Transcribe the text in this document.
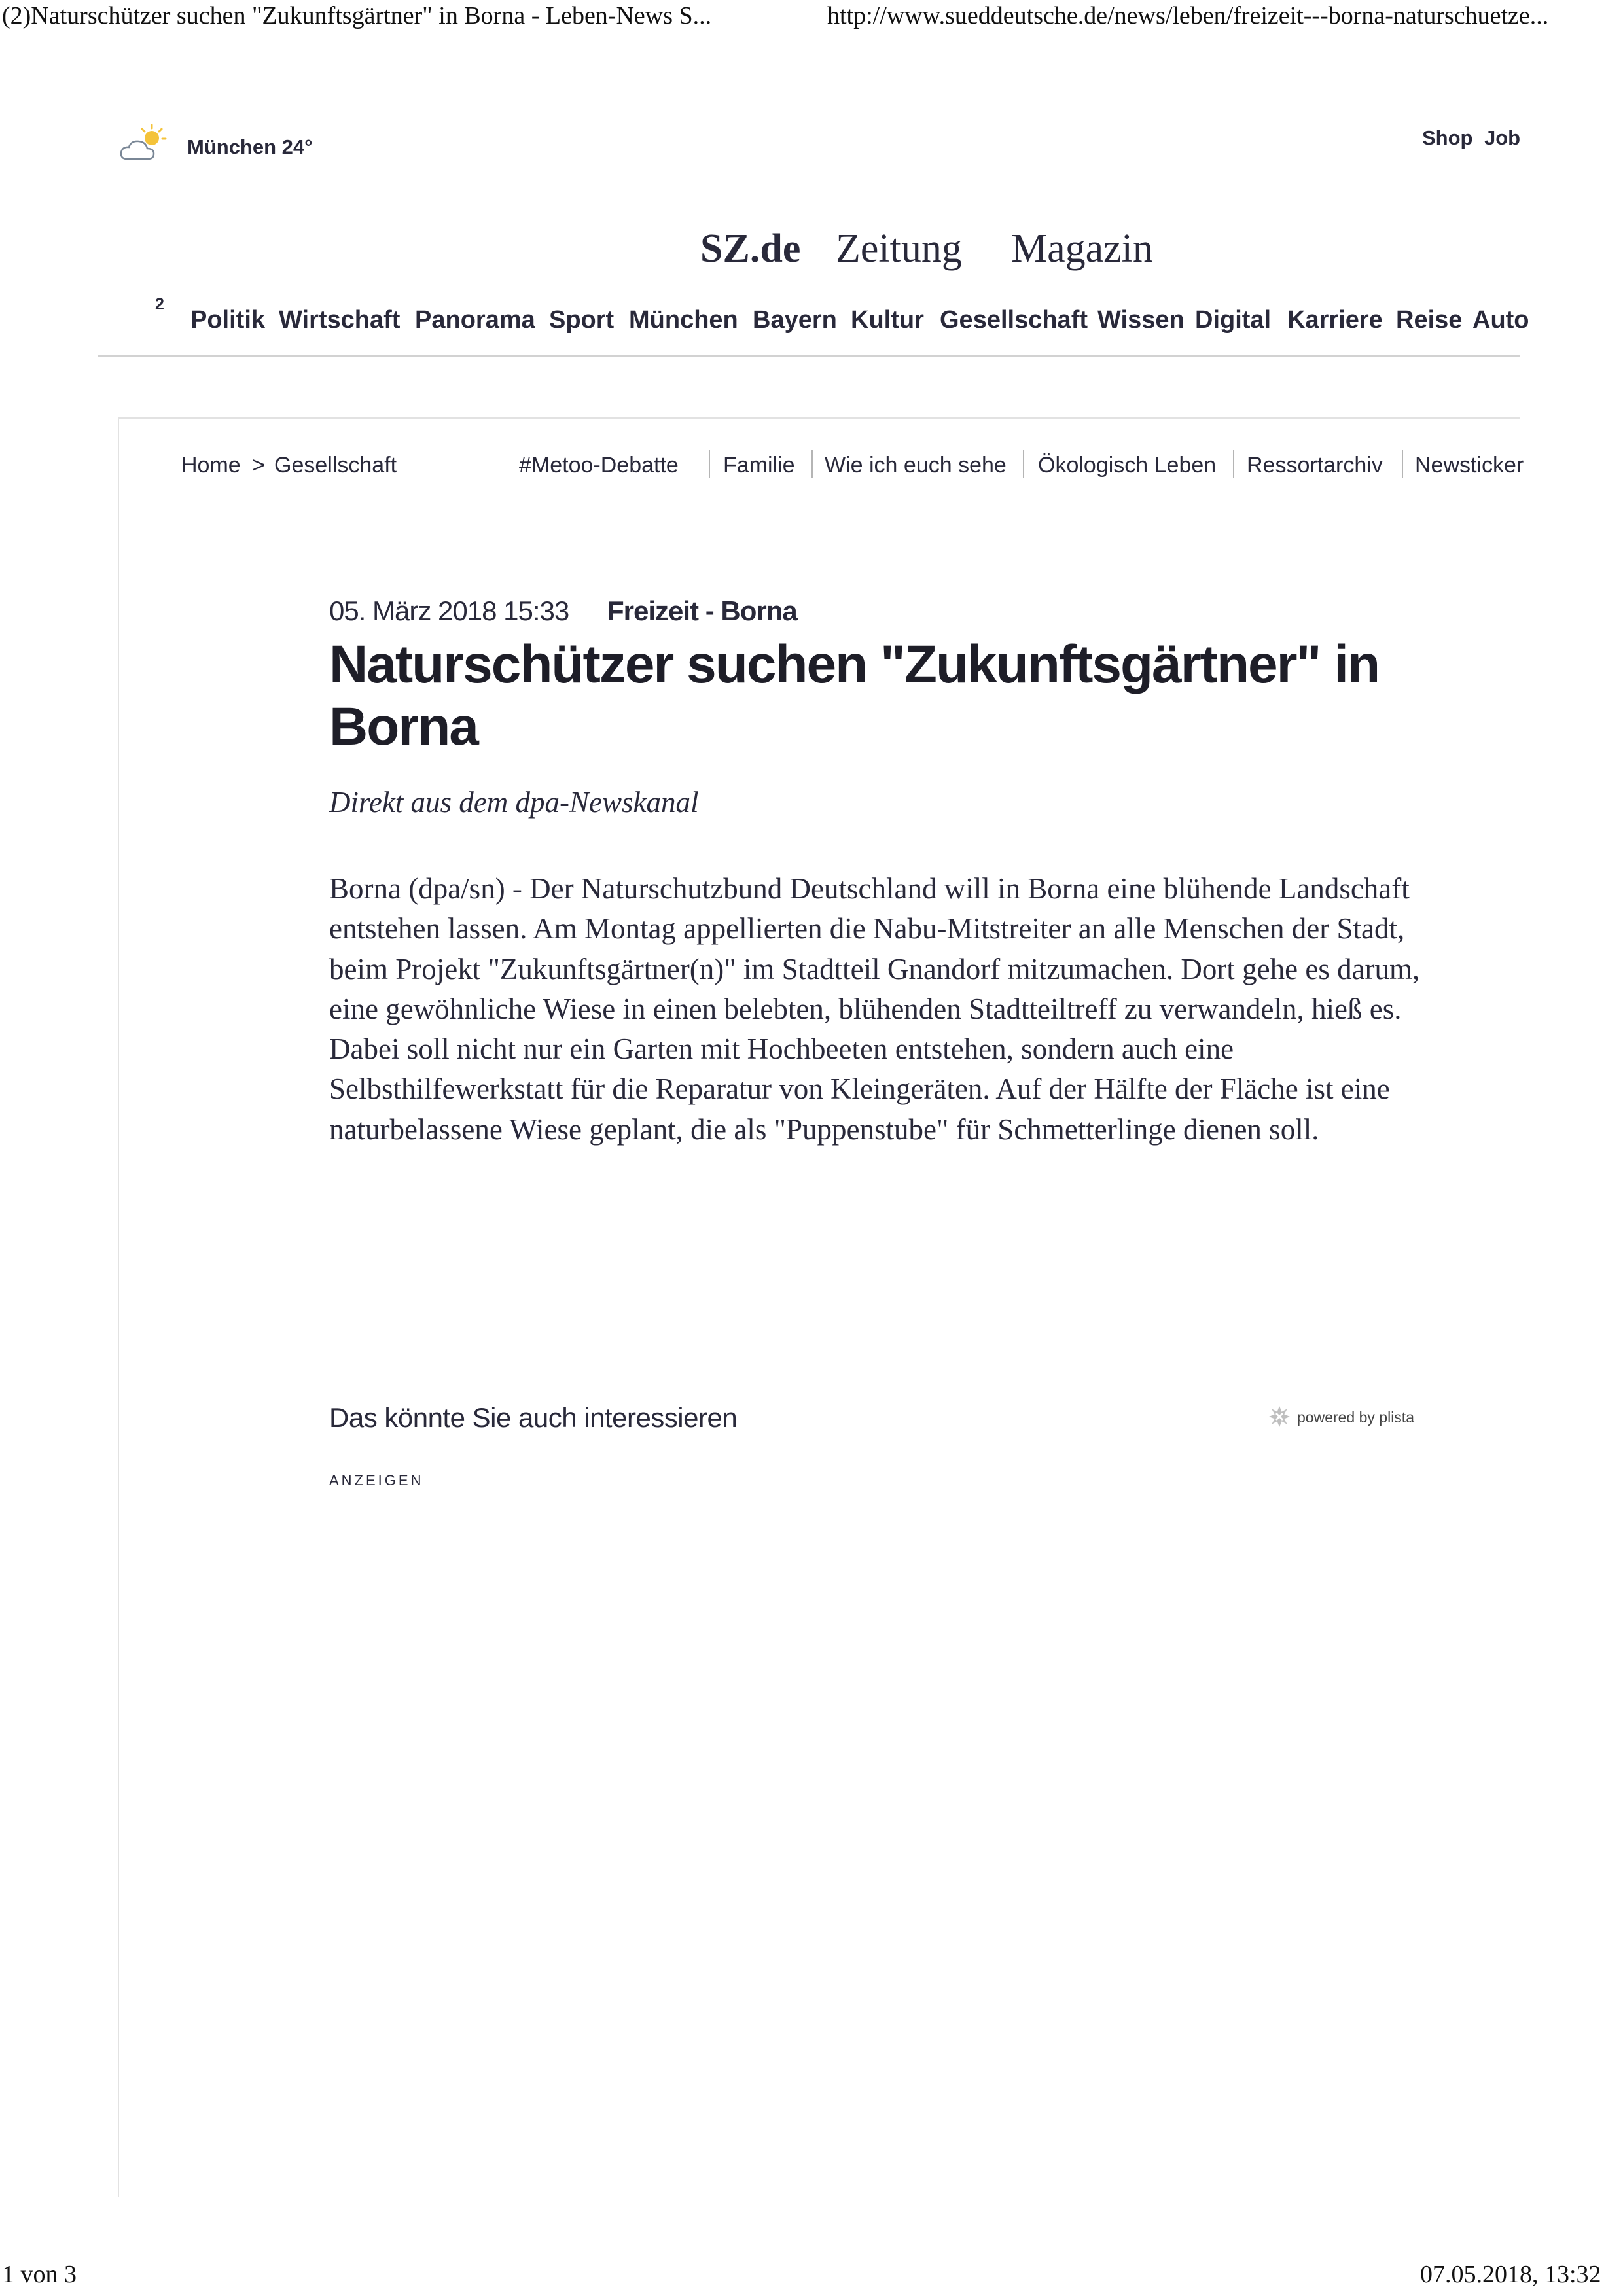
(2)Naturschützer suchen "Zukunftsgärtner" in Borna - Leben-News S...	http://www.sueddeutsche.de/news/leben/freizeit---borna-naturschuetze...
München 24°	Shop Job
SZ.de Zeitung Magazin
2
Politik Wirtschaft Panorama Sport München Bayern Kultur Gesellschaft Wissen Digital Karriere Reise Auto
Home > Gesellschaft	#Metoo-Debatte Familie Wie ich euch sehe Ökologisch Leben Ressortarchiv Newsticker
05. März 2018 15:33 Freizeit - Borna
Naturschützer suchen "Zukunftsgärtner" in Borna
Direkt aus dem dpa-Newskanal

Borna (dpa/sn) - Der Naturschutzbund Deutschland will in Borna eine blühende Landschaft entstehen lassen. Am Montag appellierten die Nabu-Mitstreiter an alle Menschen der Stadt, beim Projekt "Zukunftsgärtner(n)" im Stadtteil Gnandorf mitzumachen. Dort gehe es darum, eine gewöhnliche Wiese in einen belebten, blühenden Stadtteiltreff zu verwandeln, hieß es. Dabei soll nicht nur ein Garten mit Hochbeeten entstehen, sondern auch eine Selbsthilfewerkstatt für die Reparatur von Kleingeräten. Auf der Hälfte der Fläche ist eine naturbelassene Wiese geplant, die als "Puppenstube" für Schmetterlinge dienen soll.

Das könnte Sie auch interessieren	powered by plista
ANZEIGEN
1 von 3	07.05.2018, 13:32
